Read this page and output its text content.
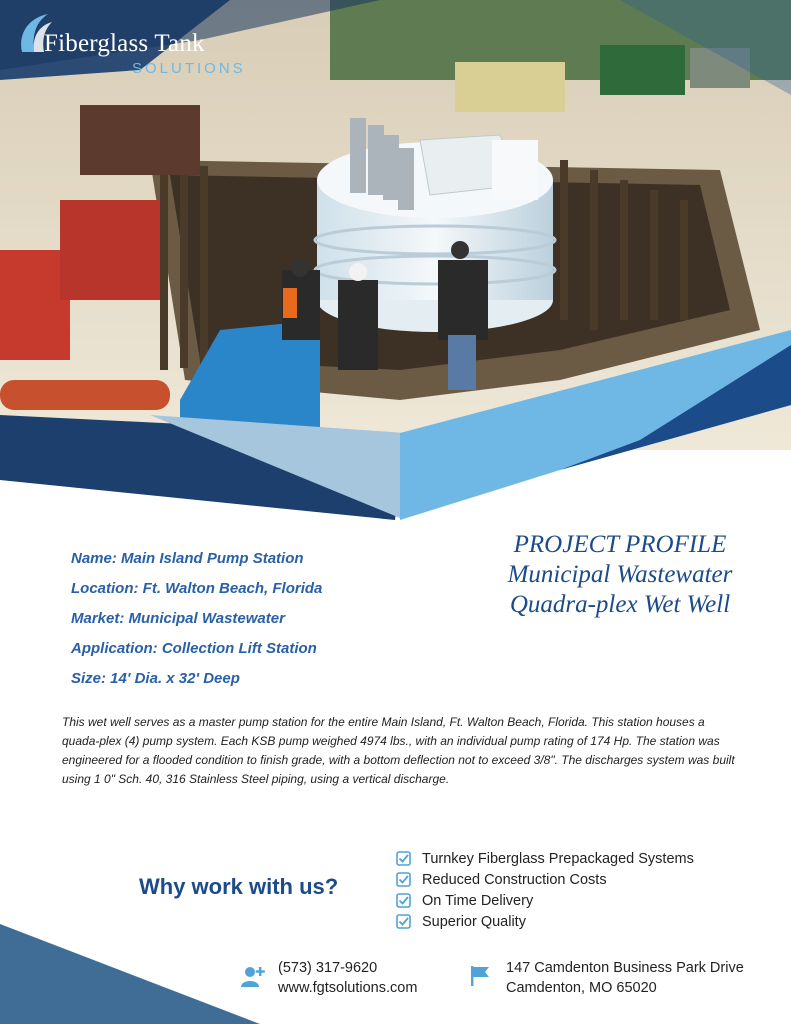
Fiberglass Tank
SOLUTIONS
PROJECT PROFILE
Municipal Wastewater
Quadra-plex Wet Well
Name: Main Island Pump Station
Location: Ft. Walton Beach, Florida
Market: Municipal Wastewater
Application: Collection Lift Station
Size: 14' Dia. x 32' Deep
This wet well serves as a master pump station for the entire Main Island, Ft. Walton Beach, Florida. This station houses a quada-plex (4) pump system. Each KSB pump weighed 4974 lbs., with an individual pump rating of 174 Hp. The station was engineered for a flooded condition to finish grade, with a bottom deflection not to exceed 3/8". The discharges system was built using 1 0" Sch. 40, 316 Stainless Steel piping, using a vertical discharge.
Why work with us?
Turnkey Fiberglass Prepackaged Systems
Reduced Construction Costs
On Time Delivery
Superior Quality
(573) 317-9620
www.fgtsolutions.com
147 Camdenton Business Park Drive
Camdenton, MO 65020
